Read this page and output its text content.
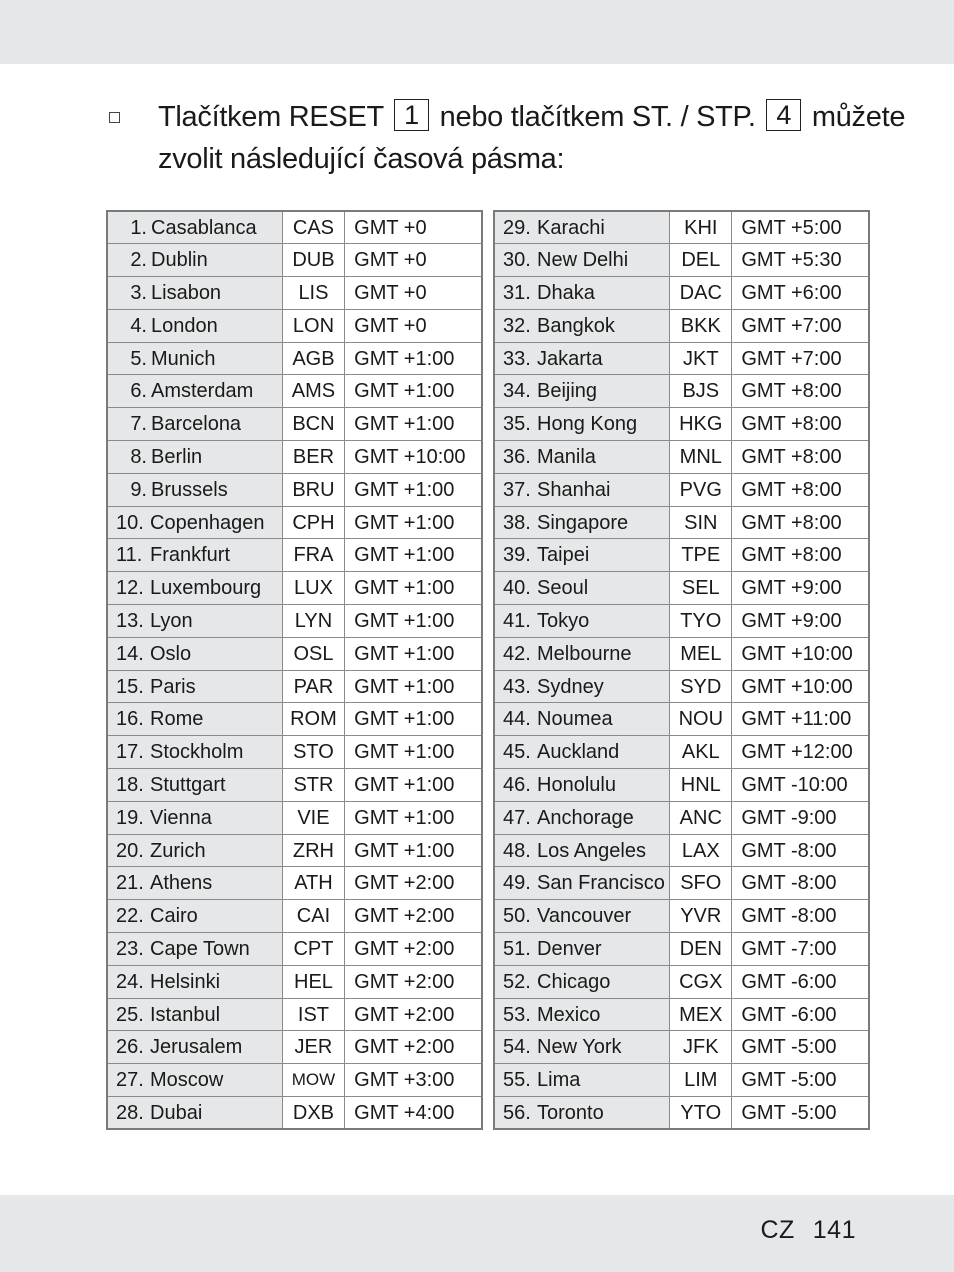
Tlačítkem RESET 1 nebo tlačítkem ST. / STP. 4 můžete
zvolit následující časová pásma:
1. Casablanca	CAS	GMT +0
2. Dublin	DUB	GMT +0
3. Lisabon	LIS	GMT +0
4. London	LON	GMT +0
5. Munich	AGB	GMT +1:00
6. Amsterdam	AMS	GMT +1:00
7. Barcelona	BCN	GMT +1:00
8. Berlin	BER	GMT +10:00
9. Brussels	BRU	GMT +1:00
10. Copenhagen	CPH	GMT +1:00
11. Frankfurt	FRA	GMT +1:00
12. Luxembourg	LUX	GMT +1:00
13. Lyon	LYN	GMT +1:00
14. Oslo	OSL	GMT +1:00
15. Paris	PAR	GMT +1:00
16. Rome	ROM	GMT +1:00
17. Stockholm	STO	GMT +1:00
18. Stuttgart	STR	GMT +1:00
19. Vienna	VIE	GMT +1:00
20. Zurich	ZRH	GMT +1:00
21. Athens	ATH	GMT +2:00
22. Cairo	CAI	GMT +2:00
23. Cape Town	CPT	GMT +2:00
24. Helsinki	HEL	GMT +2:00
25. Istanbul	IST	GMT +2:00
26. Jerusalem	JER	GMT +2:00
27. Moscow	MOW	GMT +3:00
28. Dubai	DXB	GMT +4:00
29. Karachi	KHI	GMT +5:00
30. New Delhi	DEL	GMT +5:30
31. Dhaka	DAC	GMT +6:00
32. Bangkok	BKK	GMT +7:00
33. Jakarta	JKT	GMT +7:00
34. Beijing	BJS	GMT +8:00
35. Hong Kong	HKG	GMT +8:00
36. Manila	MNL	GMT +8:00
37. Shanhai	PVG	GMT +8:00
38. Singapore	SIN	GMT +8:00
39. Taipei	TPE	GMT +8:00
40. Seoul	SEL	GMT +9:00
41. Tokyo	TYO	GMT +9:00
42. Melbourne	MEL	GMT +10:00
43. Sydney	SYD	GMT +10:00
44. Noumea	NOU	GMT +11:00
45. Auckland	AKL	GMT +12:00
46. Honolulu	HNL	GMT -10:00
47. Anchorage	ANC	GMT -9:00
48. Los Angeles	LAX	GMT -8:00
49. San Francisco	SFO	GMT -8:00
50. Vancouver	YVR	GMT -8:00
51. Denver	DEN	GMT -7:00
52. Chicago	CGX	GMT -6:00
53. Mexico	MEX	GMT -6:00
54. New York	JFK	GMT -5:00
55. Lima	LIM	GMT -5:00
56. Toronto	YTO	GMT -5:00
CZ 141
